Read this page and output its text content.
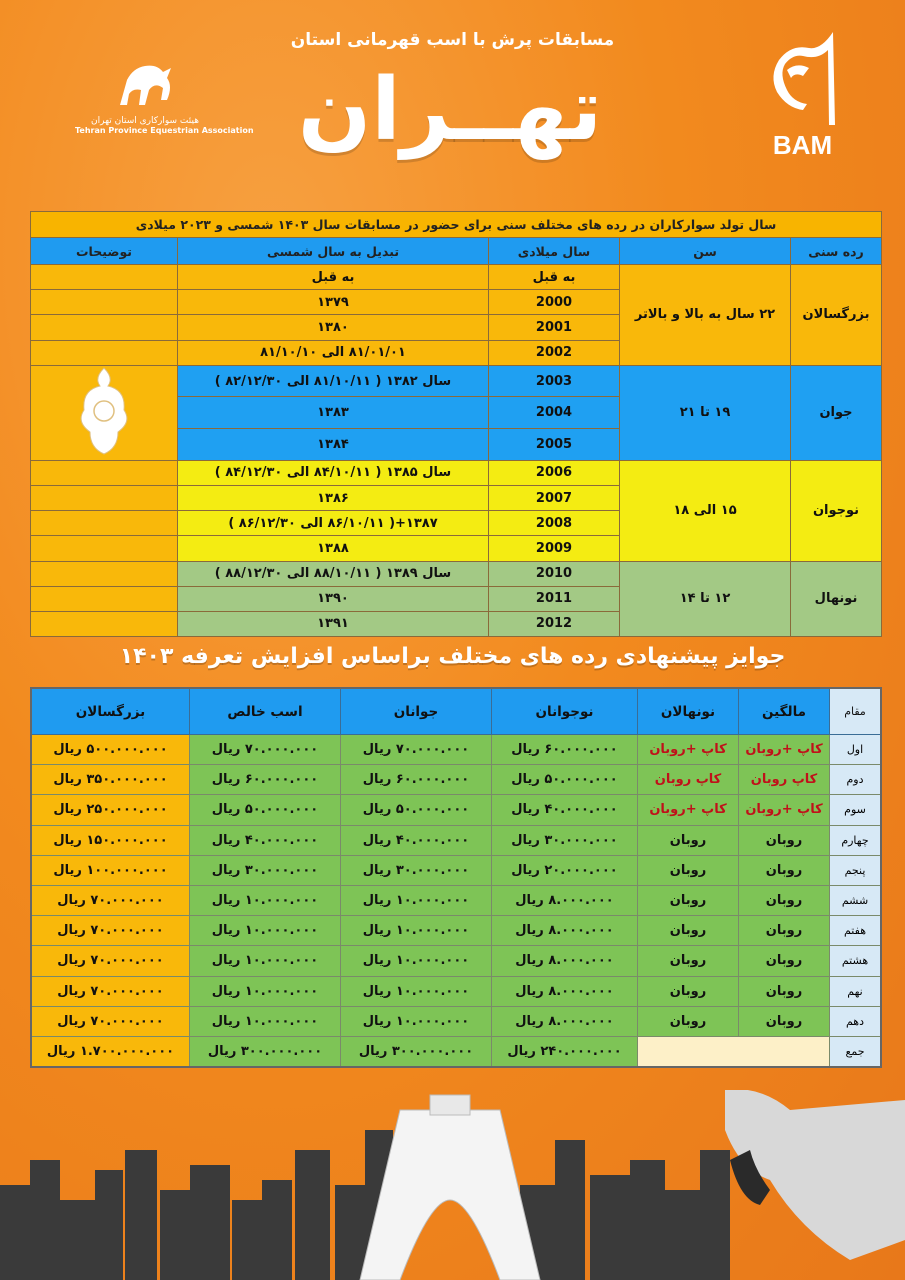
مسابقات پرش با اسب قهرمانی استان
تهــران
هیئت سوارکاری استان تهران
Tehran Province Equestrian Association	BAM
سال تولد سوارکاران در رده های مختلف سنی برای حضور در مسابقات سال ۱۴۰۳ شمسی و ۲۰۲۳ میلادی				
رده سنی	سن	سال میلادی	تبدیل به سال شمسی	توضیحات
بزرگسالان	۲۲ سال به بالا و بالاتر	به قبل	به قبل	
		2000	۱۳۷۹	
		2001	۱۳۸۰	
		2002	۸۱/۰۱/۰۱ الی ۸۱/۱۰/۱۰	
جوان	۱۹ تا ۲۱	2003	سال ۱۳۸۲ ( ۸۱/۱۰/۱۱ الی ۸۲/۱۲/۳۰ )	
		2004	۱۳۸۳	
		2005	۱۳۸۴	
نوجوان	۱۵ الی ۱۸	2006	سال ۱۳۸۵ ( ۸۴/۱۰/۱۱ الی ۸۴/۱۲/۳۰ )	
		2007	۱۳۸۶	
		2008	۱۳۸۷+( ۸۶/۱۰/۱۱ الی ۸۶/۱۲/۳۰ )	
		2009	۱۳۸۸	
نونهال	۱۲ تا ۱۴	2010	سال ۱۳۸۹ ( ۸۸/۱۰/۱۱ الی ۸۸/۱۲/۳۰ )	
		2011	۱۳۹۰	
		2012	۱۳۹۱	
جوایز پیشنهادی رده های مختلف براساس افزایش تعرفه ۱۴۰۳
مقام	مالگین	نونهالان	نوجوانان	جوانان	اسب خالص	بزرگسالان
اول	کاپ +روبان	کاپ +روبان	۶۰.۰۰۰.۰۰۰ ریال	۷۰.۰۰۰.۰۰۰ ریال	۷۰.۰۰۰.۰۰۰ ریال	۵۰۰.۰۰۰.۰۰۰ ریال
دوم	کاپ روبان	کاپ روبان	۵۰.۰۰۰.۰۰۰ ریال	۶۰.۰۰۰.۰۰۰ ریال	۶۰.۰۰۰.۰۰۰ ریال	۳۵۰.۰۰۰.۰۰۰ ریال
سوم	کاپ +روبان	کاپ +روبان	۴۰.۰۰۰.۰۰۰ ریال	۵۰.۰۰۰.۰۰۰ ریال	۵۰.۰۰۰.۰۰۰ ریال	۲۵۰.۰۰۰.۰۰۰ ریال
چهارم	روبان	روبان	۳۰.۰۰۰.۰۰۰ ریال	۴۰.۰۰۰.۰۰۰ ریال	۴۰.۰۰۰.۰۰۰ ریال	۱۵۰.۰۰۰.۰۰۰ ریال
پنجم	روبان	روبان	۲۰.۰۰۰.۰۰۰ ریال	۳۰.۰۰۰.۰۰۰ ریال	۳۰.۰۰۰.۰۰۰ ریال	۱۰۰.۰۰۰.۰۰۰ ریال
ششم	روبان	روبان	۸.۰۰۰.۰۰۰ ریال	۱۰.۰۰۰.۰۰۰ ریال	۱۰.۰۰۰.۰۰۰ ریال	۷۰.۰۰۰.۰۰۰ ریال
هفتم	روبان	روبان	۸.۰۰۰.۰۰۰ ریال	۱۰.۰۰۰.۰۰۰ ریال	۱۰.۰۰۰.۰۰۰ ریال	۷۰.۰۰۰.۰۰۰ ریال
هشتم	روبان	روبان	۸.۰۰۰.۰۰۰ ریال	۱۰.۰۰۰.۰۰۰ ریال	۱۰.۰۰۰.۰۰۰ ریال	۷۰.۰۰۰.۰۰۰ ریال
نهم	روبان	روبان	۸.۰۰۰.۰۰۰ ریال	۱۰.۰۰۰.۰۰۰ ریال	۱۰.۰۰۰.۰۰۰ ریال	۷۰.۰۰۰.۰۰۰ ریال
دهم	روبان	روبان	۸.۰۰۰.۰۰۰ ریال	۱۰.۰۰۰.۰۰۰ ریال	۱۰.۰۰۰.۰۰۰ ریال	۷۰.۰۰۰.۰۰۰ ریال
جمع			۲۴۰.۰۰۰.۰۰۰ ریال	۳۰۰.۰۰۰.۰۰۰ ریال	۳۰۰.۰۰۰.۰۰۰ ریال	۱.۷۰۰.۰۰۰.۰۰۰ ریال
